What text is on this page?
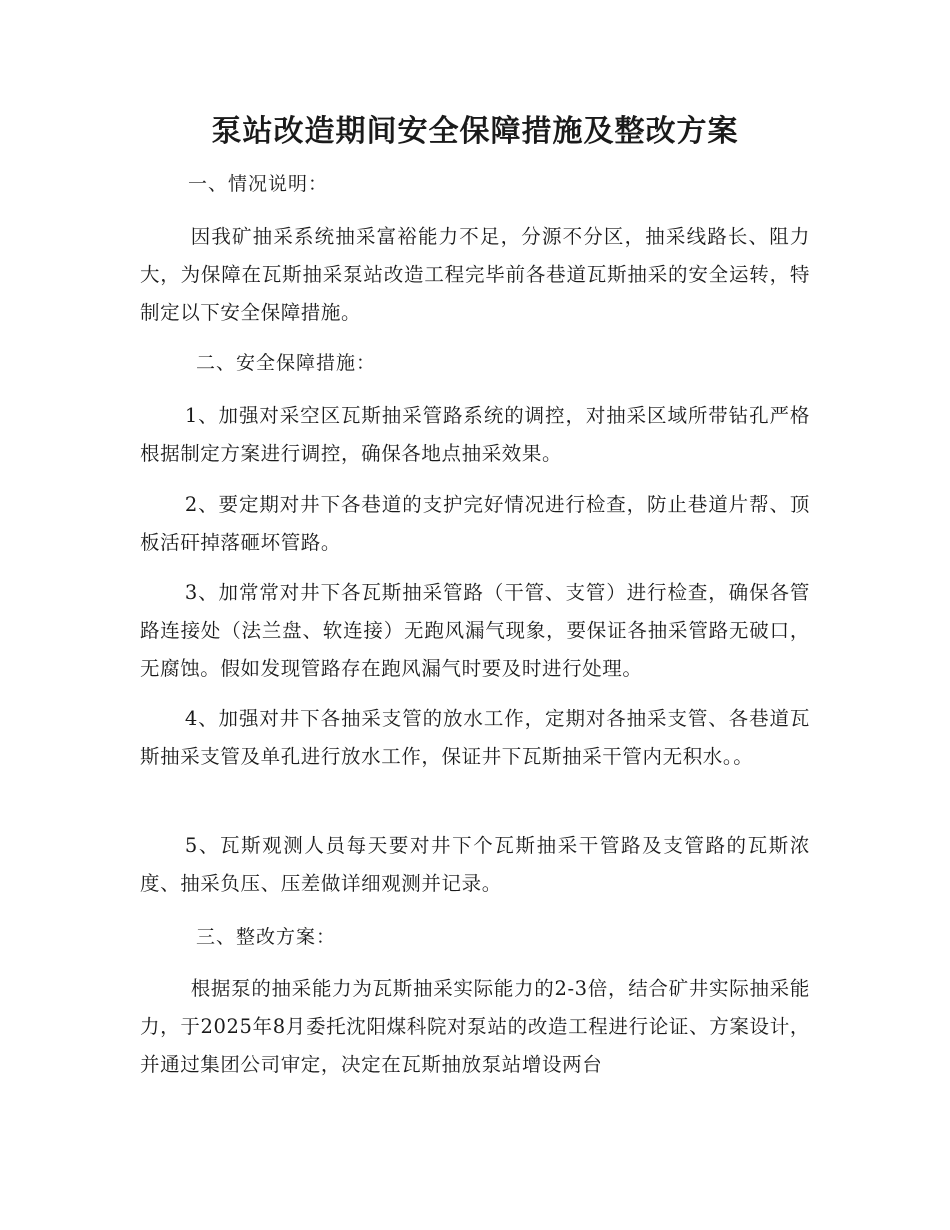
泵站改造期间安全保障措施及整改方案
一、情况说明：
因我矿抽采系统抽采富裕能力不足，分源不分区，抽采线路长、阻力大，为保障在瓦斯抽采泵站改造工程完毕前各巷道瓦斯抽采的安全运转，特制定以下安全保障措施。
二、安全保障措施：
1、加强对采空区瓦斯抽采管路系统的调控，对抽采区域所带钻孔严格根据制定方案进行调控，确保各地点抽采效果。
2、要定期对井下各巷道的支护完好情况进行检查，防止巷道片帮、顶板活矸掉落砸坏管路。
3、加常常对井下各瓦斯抽采管路（干管、支管）进行检查，确保各管路连接处（法兰盘、软连接）无跑风漏气现象，要保证各抽采管路无破口，无腐蚀。假如发现管路存在跑风漏气时要及时进行处理。
4、加强对井下各抽采支管的放水工作，定期对各抽采支管、各巷道瓦斯抽采支管及单孔进行放水工作，保证井下瓦斯抽采干管内无积水。。
5、瓦斯观测人员每天要对井下个瓦斯抽采干管路及支管路的瓦斯浓度、抽采负压、压差做详细观测并记录。
三、整改方案：
根据泵的抽采能力为瓦斯抽采实际能力的2-3倍，结合矿井实际抽采能力，于2025年8月委托沈阳煤科院对泵站的改造工程进行论证、方案设计，并通过集团公司审定，决定在瓦斯抽放泵站增设两台
